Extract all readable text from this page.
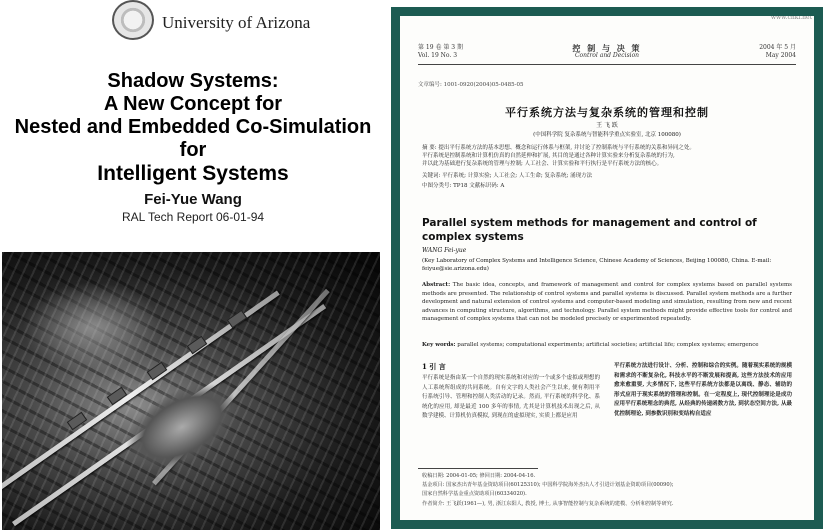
University of Arizona
Shadow Systems:
A New Concept for
Nested and Embedded Co-Simulation
for
Intelligent Systems
Fei-Yue Wang
RAL Tech Report 06-01-94
www.cnki.net
第 19 卷 第 3 期
Vol. 19 No. 3
控 制 与 决 策
Control and Decision
2004 年 5 月
May 2004
文章编号: 1001-0920(2004)05-0485-05
平行系统方法与复杂系统的管理和控制
王 飞 跃
(中国科学院 复杂系统与智能科学重点实验室, 北京 100080)
摘 要: 提出平行系统方法的基本思想、概念和运行体系与框架, 并讨论了控制系统与平行系统的关系和异同之处。
平行系统是控制系统和计算机仿真的自然延伸和扩展, 其目的是通过各种计算实验来分析复杂系统的行为,
并以此为基础进行复杂系统的管理与控制; 人工社会、计算实验和平行执行是平行系统方法的核心。
关键词: 平行系统; 计算实验; 人工社会; 人工生命; 复杂系统; 涌现方法
中图分类号: TP18 文献标识码: A
Parallel system methods for management and control of complex systems
WANG Fei-yue
(Key Laboratory of Complex Systems and Intelligence Science, Chinese Academy of Sciences, Beijing 100080, China. E-mail: feiyue@sie.arizona.edu)
Abstract: The basic idea, concepts, and framework of management and control for complex systems based on parallel systems methods are presented. The relationship of control systems and parallel systems is discussed. Parallel system methods are a further development and natural extension of control systems and computer-based modeling and simulation, resulting from new and recent advances in computing structure, algorithms, and technology. Parallel system methods might provide effective tools for control and management of complex systems that can not be modeled precisely or experimented repeatedly.
Key words: parallel systems; computational experiments; artificial societies; artificial life; complex systems; emergence
1 引 言
平行系统是指由某一个自然的现实系统和对应的一个或多个虚拟或理想的人工系统所组成的共同系统。自有文字的人类社会产生以来, 便有利用平行系统引导、管理和控制人类活动的记录。然而, 平行系统的科学化、系统化的应用, 却是最近 100 多年的事情, 尤其是计算机技术出现之后, 从数学建模、计算机仿真模拟, 到现在的虚拟现实, 实质上都是应用
平行系统方法进行设计、分析、控制和综合的实例。随着现实系统的规模和需求的不断复杂化, 科技水平的不断发展和提高, 这些方法技术的应用愈来愈重要, 大多情况下, 这些平行系统方法都是以离线、静态、辅助的形式应用于现实系统的管理和控制。在一定程度上, 现代控制理论是成功应用平行系统理念的典范, 从经典的传递函数方法, 到状态空间方法, 从最优控制理论, 到参数识别和变结构自适应
收稿日期: 2004-01-05; 修回日期: 2004-04-16.
基金项目: 国家杰出青年基金资助项目(60125310); 中国科学院海外杰出人才引进计划基金资助项目(00090);
国家自然科学基金重点资助项目(60334020).
作者简介: 王飞跃(1961—), 男, 浙江东阳人, 教授, 博士, 从事智能控制与复杂系统的建模、分析和控制等研究.
